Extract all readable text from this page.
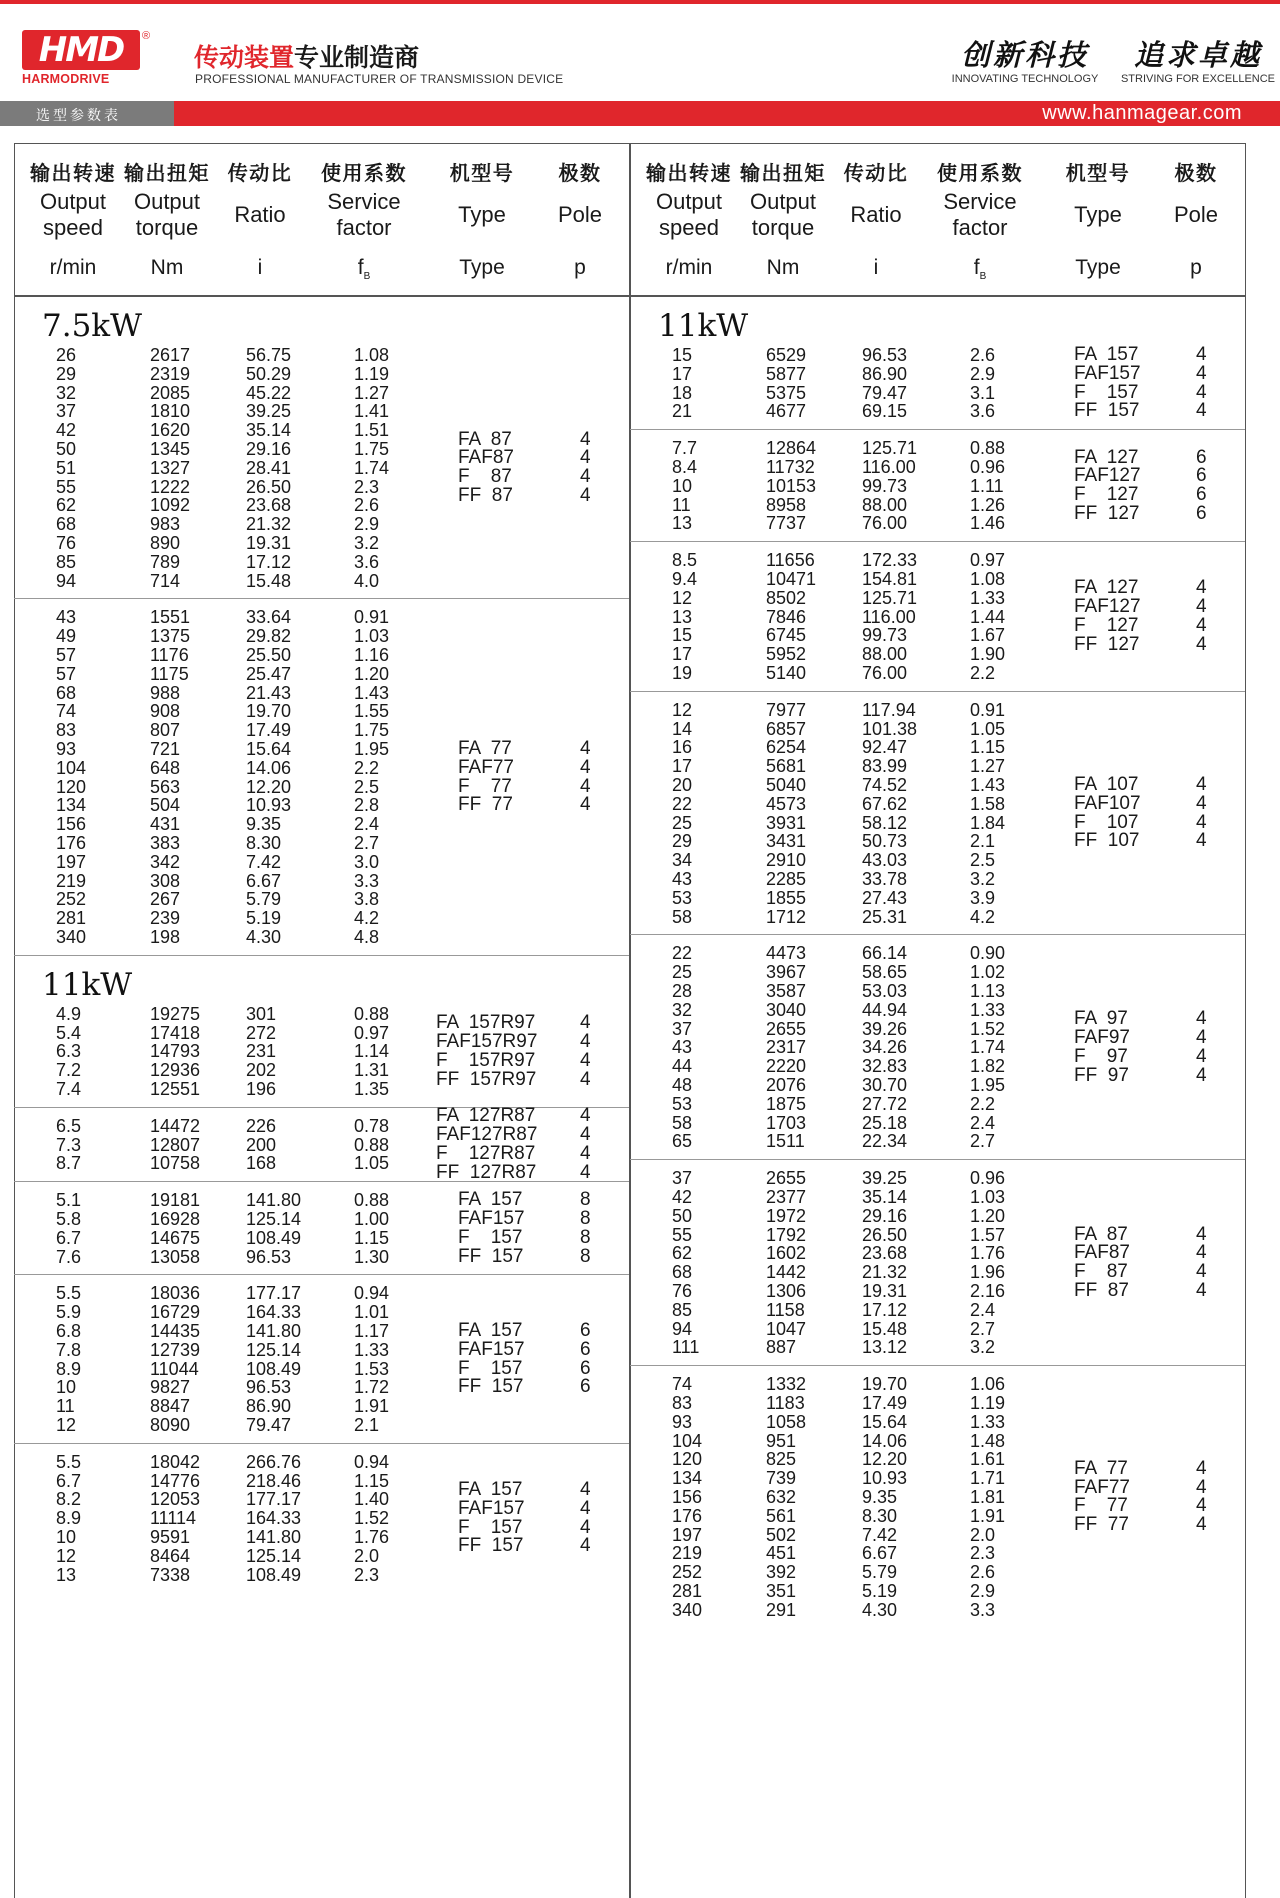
HMD	®
HARMODRIVE
传动装置专业制造商
PROFESSIONAL MANUFACTURER OF TRANSMISSION DEVICE
创新科技
INNOVATING TECHNOLOGY
追求卓越
STRIVING FOR EXCELLENCE
选型参数表	www.hanmagear.com
输出转速
Output
speed
r/min
输出扭矩
Output
torque
Nm
传动比
Ratio
i
使用系数
Service
factor
$f_B$
机型号
Type
Type
极数
Pole
p
输出转速
Output
speed
r/min
输出扭矩
Output
torque
Nm
传动比
Ratio
i
使用系数
Service
factor
$f_B$
机型号
Type
Type
极数
Pole
p
7.5kW
26	2617	56.75	1.08
29	2319	50.29	1.19
32	2085	45.22	1.27
37	1810	39.25	1.41
42	1620	35.14	1.51
50	1345	29.16	1.75
51	1327	28.41	1.74
55	1222	26.50	2.3
62	1092	23.68	2.6
68	983	21.32	2.9
76	890	19.31	3.2
85	789	17.12	3.6
94	714	15.48	4.0
FA  87	4
FAF87	4
F    87	4
FF  87	4
43	1551	33.64	0.91
49	1375	29.82	1.03
57	1176	25.50	1.16
57	1175	25.47	1.20
68	988	21.43	1.43
74	908	19.70	1.55
83	807	17.49	1.75
93	721	15.64	1.95
104	648	14.06	2.2
120	563	12.20	2.5
134	504	10.93	2.8
156	431	9.35	2.4
176	383	8.30	2.7
197	342	7.42	3.0
219	308	6.67	3.3
252	267	5.79	3.8
281	239	5.19	4.2
340	198	4.30	4.8
FA  77	4
FAF77	4
F    77	4
FF  77	4
11kW
4.9	19275	301	0.88
5.4	17418	272	0.97
6.3	14793	231	1.14
7.2	12936	202	1.31
7.4	12551	196	1.35
FA  157R97 4
FAF157R97 4
F    157R97 4
FF  157R97 4
6.5	14472	226	0.78
7.3	12807	200	0.88
8.7	10758	168	1.05
FA  127R87 4
FAF127R87 4
F    127R87 4
FF  127R87 4
5.1	19181	141.80	0.88
5.8	16928	125.14	1.00
6.7	14675	108.49	1.15
7.6	13058	96.53	1.30
FA  157	8
FAF157	8
F    157	8
FF  157	8
5.5	18036	177.17	0.94
5.9	16729	164.33	1.01
6.8	14435	141.80	1.17
7.8	12739	125.14	1.33
8.9	11044	108.49	1.53
10	9827	96.53	1.72
11	8847	86.90	1.91
12	8090	79.47	2.1
FA  157	6
FAF157	6
F    157	6
FF  157	6
5.5	18042	266.76	0.94
6.7	14776	218.46	1.15
8.2	12053	177.17	1.40
8.9	11114	164.33	1.52
10	9591	141.80	1.76
12	8464	125.14	2.0
13	7338	108.49	2.3
FA  157	4
FAF157	4
F    157	4
FF  157	4
11kW
15	6529	96.53	2.6
17	5877	86.90	2.9
18	5375	79.47	3.1
21	4677	69.15	3.6
FA  157	4
FAF157	4
F    157	4
FF  157	4
7.7	12864	125.71	0.88
8.4	11732	116.00	0.96
10	10153	99.73	1.11
11	8958	88.00	1.26
13	7737	76.00	1.46
FA  127	6
FAF127	6
F    127	6
FF  127	6
8.5	11656	172.33	0.97
9.4	10471	154.81	1.08
12	8502	125.71	1.33
13	7846	116.00	1.44
15	6745	99.73	1.67
17	5952	88.00	1.90
19	5140	76.00	2.2
FA  127	4
FAF127	4
F    127	4
FF  127	4
12	7977	117.94	0.91
14	6857	101.38	1.05
16	6254	92.47	1.15
17	5681	83.99	1.27
20	5040	74.52	1.43
22	4573	67.62	1.58
25	3931	58.12	1.84
29	3431	50.73	2.1
34	2910	43.03	2.5
43	2285	33.78	3.2
53	1855	27.43	3.9
58	1712	25.31	4.2
FA  107	4
FAF107	4
F    107	4
FF  107	4
22	4473	66.14	0.90
25	3967	58.65	1.02
28	3587	53.03	1.13
32	3040	44.94	1.33
37	2655	39.26	1.52
43	2317	34.26	1.74
44	2220	32.83	1.82
48	2076	30.70	1.95
53	1875	27.72	2.2
58	1703	25.18	2.4
65	1511	22.34	2.7
FA  97	4
FAF97	4
F    97	4
FF  97	4
37	2655	39.25	0.96
42	2377	35.14	1.03
50	1972	29.16	1.20
55	1792	26.50	1.57
62	1602	23.68	1.76
68	1442	21.32	1.96
76	1306	19.31	2.16
85	1158	17.12	2.4
94	1047	15.48	2.7
111	887	13.12	3.2
FA  87	4
FAF87	4
F    87	4
FF  87	4
74	1332	19.70	1.06
83	1183	17.49	1.19
93	1058	15.64	1.33
104	951	14.06	1.48
120	825	12.20	1.61
134	739	10.93	1.71
156	632	9.35	1.81
176	561	8.30	1.91
197	502	7.42	2.0
219	451	6.67	2.3
252	392	5.79	2.6
281	351	5.19	2.9
340	291	4.30	3.3
FA  77	4
FAF77	4
F    77	4
FF  77	4
